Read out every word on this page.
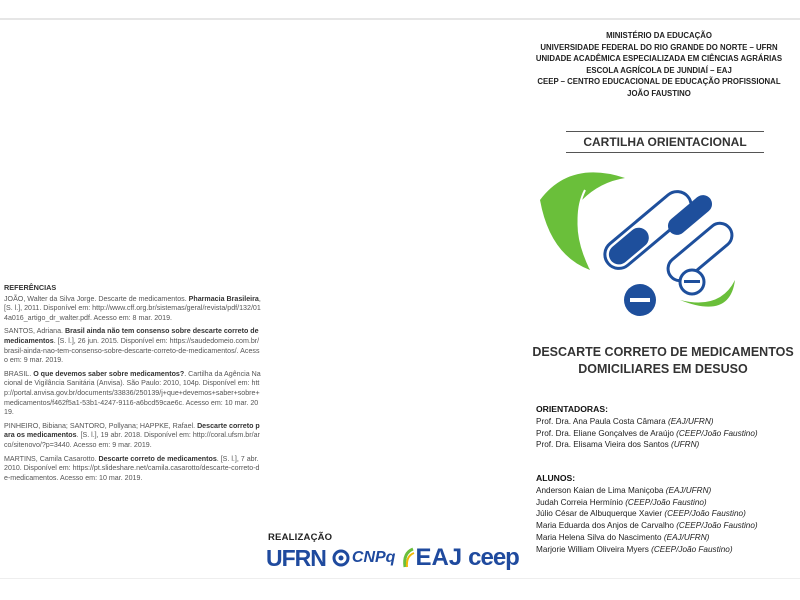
REFERÊNCIAS
JOÃO, Walter da Silva Jorge. Descarte de medicamentos. Pharmacia Brasileira, [S. l.], 2011. Disponível em: http://www.cff.org.br/sistemas/geral/revista/pdf/132/014a016_artigo_dr_walter.pdf. Acesso em: 8 mar. 2019.
SANTOS, Adriana. Brasil ainda não tem consenso sobre descarte correto de medicamentos. [S. l.], 26 jun. 2015. Disponível em: https://saudedomeio.com.br/brasil-ainda-nao-tem-consenso-sobre-descarte-correto-de-medicamentos/. Acesso em: 9 mar. 2019.
BRASIL. O que devemos saber sobre medicamentos?. Cartilha da Agência Nacional de Vigilância Sanitária (Anvisa). São Paulo: 2010, 104p. Disponível em: http://portal.anvisa.gov.br/documents/33836/250139/j+que+devemos+saber+sobre+medicamentos/f462f5a1-53b1-4247-9116-a6bcd59cae6c. Acesso em: 10 mar. 2019.
PINHEIRO, Bibiana; SANTORO, Pollyana; HAPPKE, Rafael. Descarte correto para os medicamentos. [S. l.], 19 abr. 2018. Disponível em: http://coral.ufsm.br/arco/sitenovo/?p=3440. Acesso em: 9 mar. 2019.
MARTINS, Camila Casarotto. Descarte correto de medicamentos. [S. l.], 7 abr. 2010. Disponível em: https://pt.slideshare.net/camila.casarotto/descarte-correto-de-medicamentos. Acesso em: 10 mar. 2019.
REALIZAÇÃO
UFRN CNPq EAJ ceep
MINISTÉRIO DA EDUCAÇÃO
UNIVERSIDADE FEDERAL DO RIO GRANDE DO NORTE – UFRN
UNIDADE ACADÊMICA ESPECIALIZADA EM CIÊNCIAS AGRÁRIAS
ESCOLA AGRÍCOLA DE JUNDIAÍ – EAJ
CEEP – CENTRO EDUCACIONAL DE EDUCAÇÃO PROFISSIONAL
JOÃO FAUSTINO
CARTILHA ORIENTACIONAL
DESCARTE CORRETO DE MEDICAMENTOS
DOMICILIARES EM DESUSO
ORIENTADORAS:
Prof. Dra. Ana Paula Costa Câmara (EAJ/UFRN)
Prof. Dra. Eliane Gonçalves de Araújo (CEEP/João Faustino)
Prof. Dra. Elisama Vieira dos Santos (UFRN)
ALUNOS:
Anderson Kaian de Lima Maniçoba (EAJ/UFRN)
Judah Correia Hermínio (CEEP/João Faustino)
Júlio César de Albuquerque Xavier (CEEP/João Faustino)
Maria Eduarda dos Anjos de Carvalho (CEEP/João Faustino)
Maria Helena Silva do Nascimento (EAJ/UFRN)
Marjorie William Oliveira Myers (CEEP/João Faustino)
